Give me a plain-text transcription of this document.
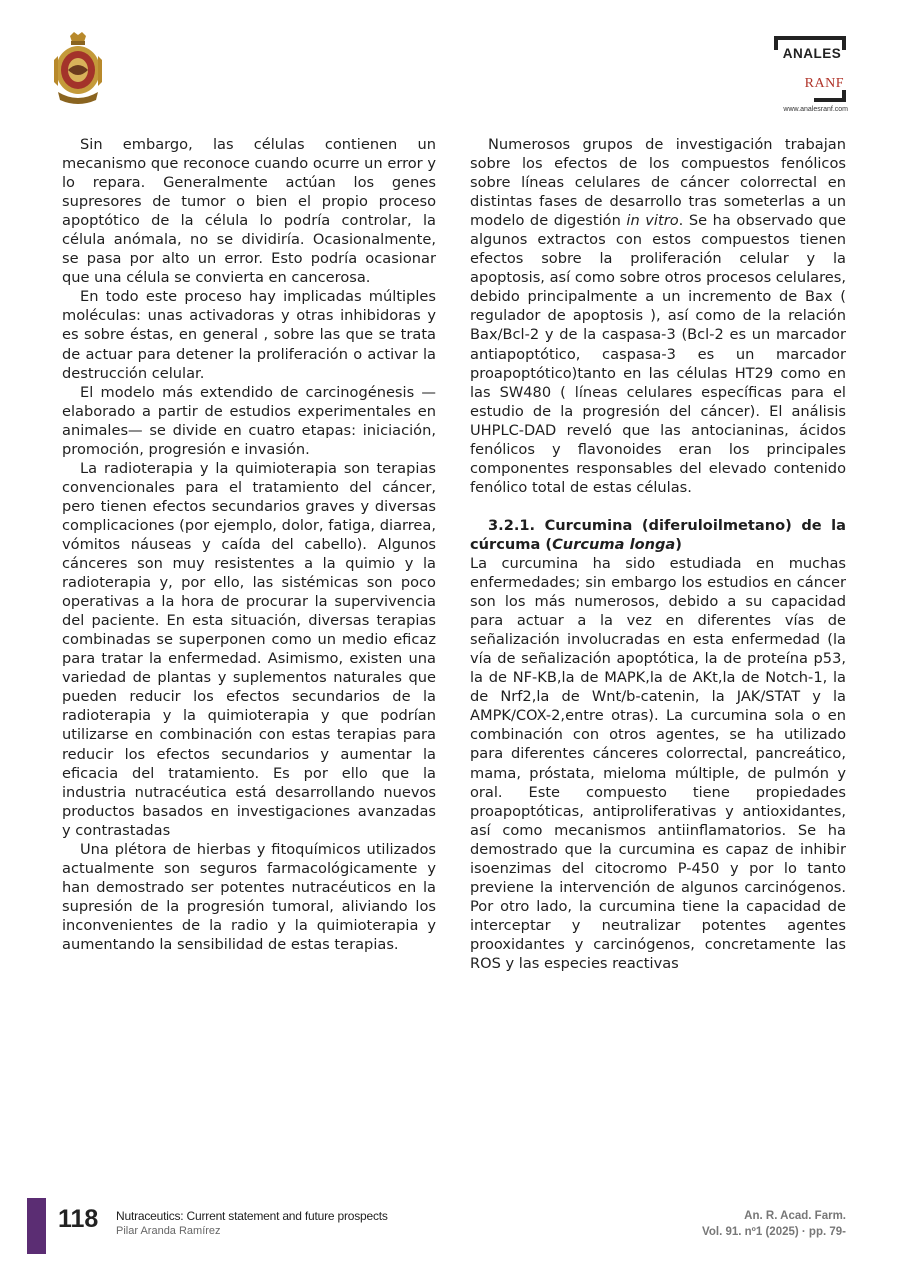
ANALES
RANF
www.analesranf.com

Sin embargo, las células contienen un mecanismo que reconoce cuando ocurre un error y lo repara. Generalmente actúan los genes supresores de tumor o bien el propio proceso apoptótico de la célula lo podría controlar, la célula anómala, no se dividiría. Ocasionalmente, se pasa por alto un error. Esto podría ocasionar que una célula se convierta en cancerosa.

En todo este proceso hay implicadas múltiples moléculas: unas activadoras y otras inhibidoras y es sobre éstas, en general , sobre las que se trata de actuar para detener la proliferación o activar la destrucción celular.

El modelo más extendido de carcinogénesis —elaborado a partir de estudios experimentales en animales— se divide en cuatro etapas: iniciación, promoción, progresión e invasión.

La radioterapia y la quimioterapia son terapias convencionales para el tratamiento del cáncer, pero tienen efectos secundarios graves y diversas complicaciones (por ejemplo, dolor, fatiga, diarrea, vómitos náuseas y caída del cabello). Algunos cánceres son muy resistentes a la quimio y la radioterapia y, por ello, las sistémicas son poco operativas a la hora de procurar la supervivencia del paciente. En esta situación, diversas terapias combinadas se superponen como un medio eficaz para tratar la enfermedad. Asimismo, existen una variedad de plantas y suplementos naturales que pueden reducir los efectos secundarios de la radioterapia y la quimioterapia y que podrían utilizarse en combinación con estas terapias para reducir los efectos secundarios y aumentar la eficacia del tratamiento. Es por ello que la industria nutracéutica está desarrollando nuevos productos basados en investigaciones avanzadas y contrastadas

Una plétora de hierbas y fitoquímicos utilizados actualmente son seguros farmacológicamente y han demostrado ser potentes nutracéuticos en la supresión de la progresión tumoral, aliviando los inconvenientes de la radio y la quimioterapia y aumentando la sensibilidad de estas terapias.

Numerosos grupos de investigación trabajan sobre los efectos de los compuestos fenólicos sobre líneas celulares de cáncer colorrectal en distintas fases de desarrollo tras someterlas a un modelo de digestión in vitro. Se ha observado que algunos extractos con estos compuestos tienen efectos sobre la proliferación celular y la apoptosis, así como sobre otros procesos celulares, debido principalmente a un incremento de Bax ( regulador de apoptosis ), así como de la relación Bax/Bcl-2 y de la caspasa-3 (Bcl-2 es un marcador antiapoptótico, caspasa-3 es un marcador proapoptótico)tanto en las células HT29 como en las SW480 ( líneas celulares específicas para el estudio de la progresión del cáncer). El análisis UHPLC-DAD reveló que las antocianinas, ácidos fenólicos y flavonoides eran los principales componentes responsables del elevado contenido fenólico total de estas células.

3.2.1. Curcumina (diferuloilmetano) de la cúrcuma (Curcuma longa)

La curcumina ha sido estudiada en muchas enfermedades; sin embargo los estudios en cáncer son los más numerosos, debido a su capacidad para actuar a la vez en diferentes vías de señalización involucradas en esta enfermedad (la vía de señalización apoptótica, la de proteína p53, la de NF-KB,la de MAPK,la de AKt,la de Notch-1, la de Nrf2,la de Wnt/b-catenin, la JAK/STAT y la AMPK/COX-2,entre otras). La curcumina sola o en combinación con otros agentes, se ha utilizado para diferentes cánceres colorrectal, pancreático, mama, próstata, mieloma múltiple, de pulmón y oral. Este compuesto tiene propiedades proapoptóticas, antiproliferativas y antioxidantes, así como mecanismos antiinflamatorios. Se ha demostrado que la curcumina es capaz de inhibir isoenzimas del citocromo P-450 y por lo tanto previene la intervención de algunos carcinógenos. Por otro lado, la curcumina tiene la capacidad de interceptar y neutralizar potentes agentes prooxidantes y carcinógenos, concretamente las ROS y las especies reactivas

118 Nutraceutics: Current statement and future prospects
Pilar Aranda Ramírez
An. R. Acad. Farm.
Vol. 91. nº1 (2025) · pp. 79-
